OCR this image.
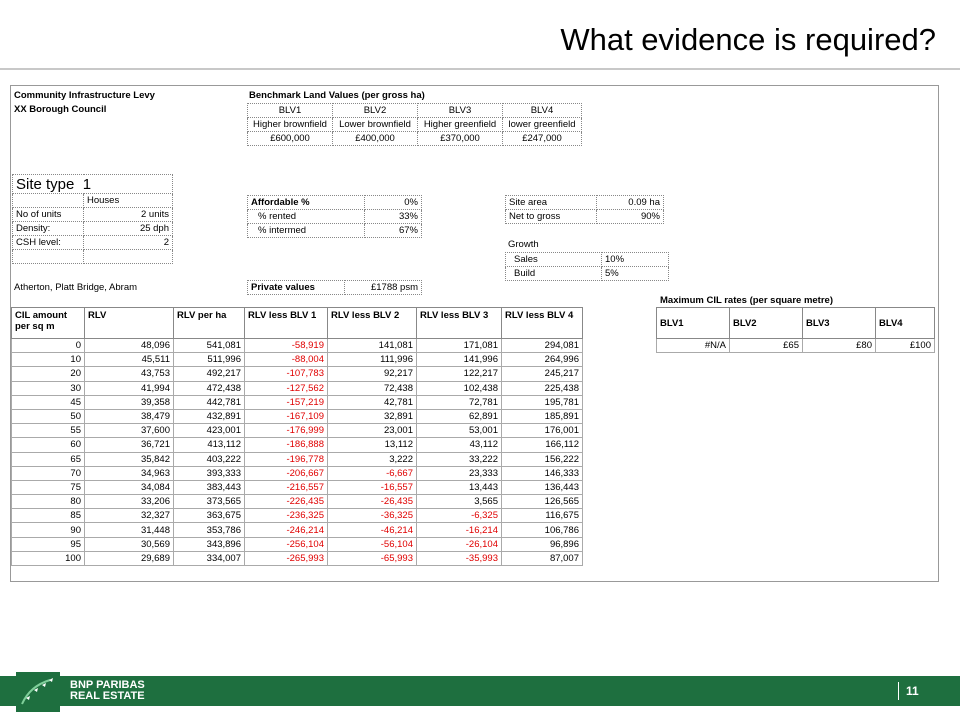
What evidence is required?
Community Infrastructure Levy
XX Borough Council
Benchmark Land Values (per gross ha)
BLV1	BLV2	BLV3	BLV4
Higher brownfield	Lower brownfield	Higher greenfield	lower greenfield
£600,000	£400,000	£370,000	£247,000
Site type 1	
	Houses
No of units	2 units
Density:	25 dph
CSH level:	2

Atherton, Platt Bridge, Abram
Affordable %	0%
% rented	33%
% intermed	67%
Private values	£1788 psm
Site area	0.09 ha
Net to gross	90%
Growth
Sales	10%
Build	5%
CIL amount per sq m	RLV	RLV per ha	RLV less BLV 1	RLV less BLV 2	RLV less BLV 3	RLV less BLV 4
0	48,096	541,081	-58,919	141,081	171,081	294,081
10	45,511	511,996	-88,004	111,996	141,996	264,996
20	43,753	492,217	-107,783	92,217	122,217	245,217
30	41,994	472,438	-127,562	72,438	102,438	225,438
45	39,358	442,781	-157,219	42,781	72,781	195,781
50	38,479	432,891	-167,109	32,891	62,891	185,891
55	37,600	423,001	-176,999	23,001	53,001	176,001
60	36,721	413,112	-186,888	13,112	43,112	166,112
65	35,842	403,222	-196,778	3,222	33,222	156,222
70	34,963	393,333	-206,667	-6,667	23,333	146,333
75	34,084	383,443	-216,557	-16,557	13,443	136,443
80	33,206	373,565	-226,435	-26,435	3,565	126,565
85	32,327	363,675	-236,325	-36,325	-6,325	116,675
90	31,448	353,786	-246,214	-46,214	-16,214	106,786
95	30,569	343,896	-256,104	-56,104	-26,104	96,896
100	29,689	334,007	-265,993	-65,993	-35,993	87,007
Maximum CIL rates (per square metre)
BLV1	BLV2	BLV3	BLV4
#N/A	£65	£80	£100
BNP PARIBAS
REAL ESTATE	11
